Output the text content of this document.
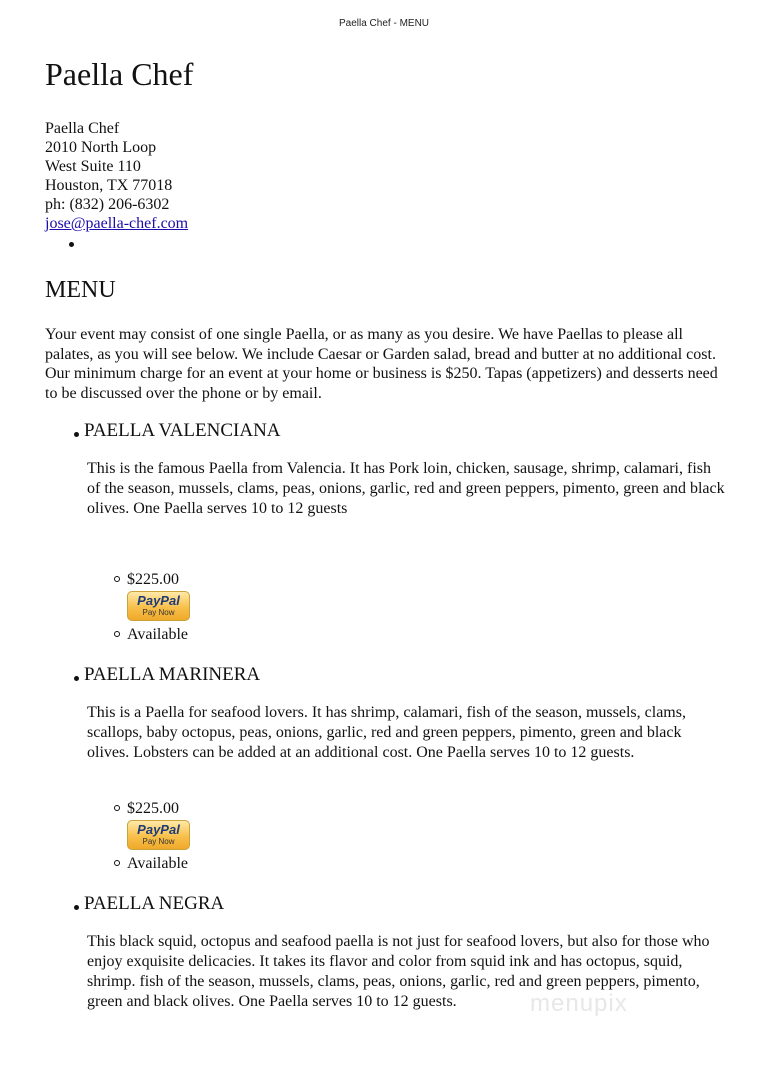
Paella Chef - MENU
Paella Chef
Paella Chef
2010 North Loop
West Suite 110
Houston, TX 77018
ph: (832) 206-6302
jose@paella-chef.com
MENU

Your event may consist of one single Paella, or as many as you desire. We have Paellas to please all palates, as you will see below. We include Caesar or Garden salad, bread and butter at no additional cost. Our minimum charge for an event at your home or business is $250. Tapas (appetizers) and desserts need to be discussed over the phone or by email.

PAELLA VALENCIANA
This is the famous Paella from Valencia. It has Pork loin, chicken, sausage, shrimp, calamari, fish of the season, mussels, clams, peas, onions, garlic, red and green peppers, pimento, green and black olives. One Paella serves 10 to 12 guests
$225.00
PayPal
Pay Now
Available
PAELLA MARINERA
This is a Paella for seafood lovers. It has shrimp, calamari, fish of the season, mussels, clams, scallops, baby octopus, peas, onions, garlic, red and green peppers, pimento, green and black olives. Lobsters can be added at an additional cost. One Paella serves 10 to 12 guests.
$225.00
PayPal
Pay Now
Available
PAELLA NEGRA
This black squid, octopus and seafood paella is not just for seafood lovers, but also for those who enjoy exquisite delicacies. It takes its flavor and color from squid ink and has octopus, squid, shrimp. fish of the season, mussels, clams, peas, onions, garlic, red and green peppers, pimento, green and black olives. One Paella serves 10 to 12 guests.	menupix
